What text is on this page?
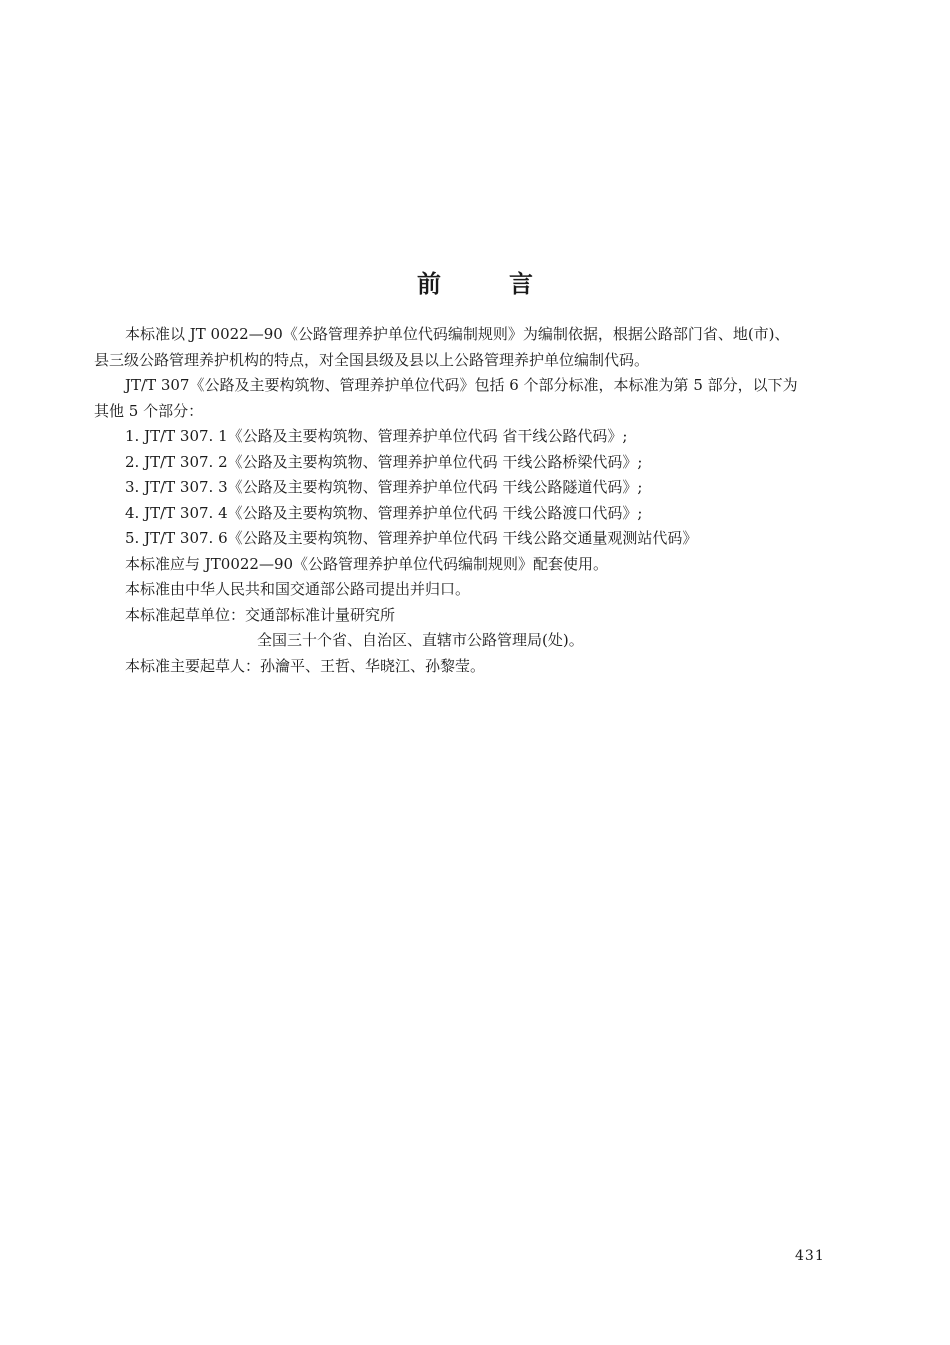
前言
本标准以 JT 0022—90《公路管理养护单位代码编制规则》为编制依据，根据公路部门省、地(市)、
县三级公路管理养护机构的特点，对全国县级及县以上公路管理养护单位编制代码。
JT/T 307《公路及主要构筑物、管理养护单位代码》包括 6 个部分标准，本标准为第 5 部分，以下为
其他 5 个部分：
1. JT/T 307. 1《公路及主要构筑物、管理养护单位代码 省干线公路代码》;
2. JT/T 307. 2《公路及主要构筑物、管理养护单位代码 干线公路桥梁代码》;
3. JT/T 307. 3《公路及主要构筑物、管理养护单位代码 干线公路隧道代码》;
4. JT/T 307. 4《公路及主要构筑物、管理养护单位代码 干线公路渡口代码》;
5. JT/T 307. 6《公路及主要构筑物、管理养护单位代码 干线公路交通量观测站代码》
本标准应与 JT0022—90《公路管理养护单位代码编制规则》配套使用。
本标准由中华人民共和国交通部公路司提出并归口。
本标准起草单位：交通部标准计量研究所
全国三十个省、自治区、直辖市公路管理局(处)。
本标准主要起草人：孙瀹平、王哲、华晓江、孙黎莹。
431
